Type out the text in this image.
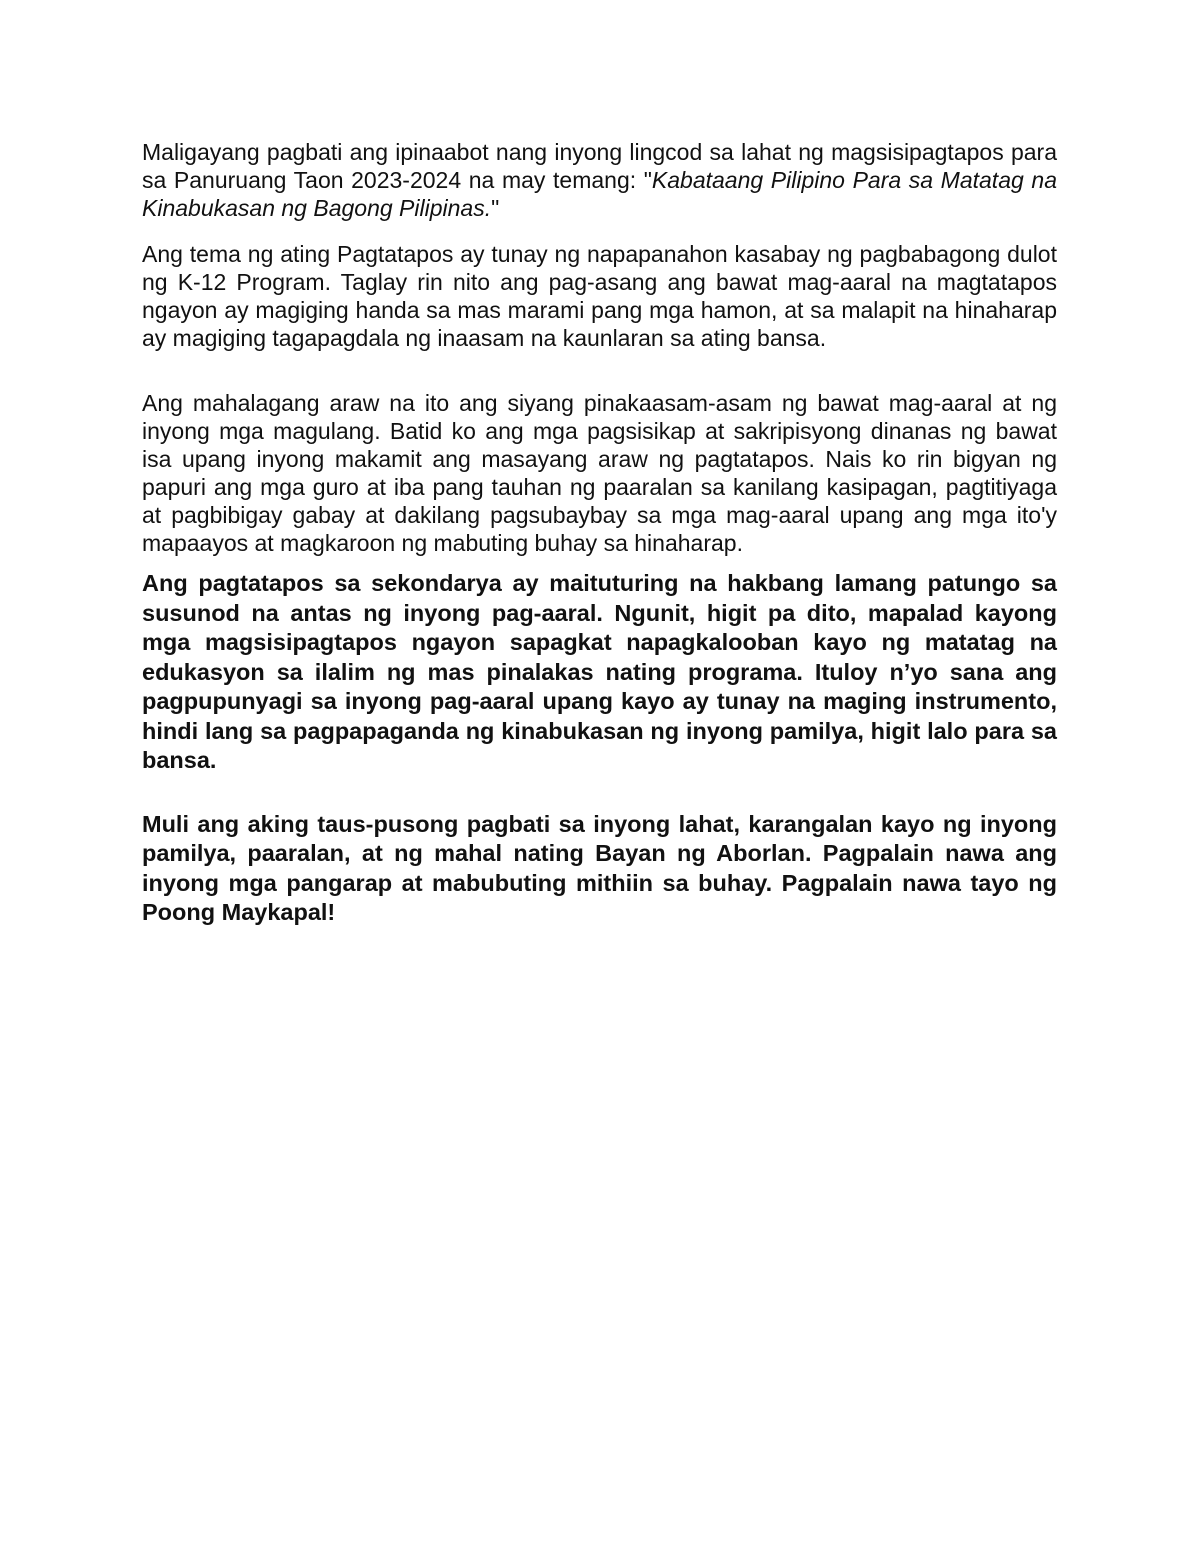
Maligayang pagbati ang ipinaabot nang inyong lingcod sa lahat ng magsisipagtapos para sa Panuruang Taon 2023-2024 na may temang: "Kabataang Pilipino Para sa Matatag na Kinabukasan ng Bagong Pilipinas."

Ang tema ng ating Pagtatapos ay tunay ng napapanahon kasabay ng pagbabagong dulot ng K-12 Program. Taglay rin nito ang pag-asang ang bawat mag-aaral na magtatapos ngayon ay magiging handa sa mas marami pang mga hamon, at sa malapit na hinaharap ay magiging tagapagdala ng inaasam na kaunlaran sa ating bansa.

Ang mahalagang araw na ito ang siyang pinakaasam-asam ng bawat mag-aaral at ng inyong mga magulang. Batid ko ang mga pagsisikap at sakripisyong dinanas ng bawat isa upang inyong makamit ang masayang araw ng pagtatapos. Nais ko rin bigyan ng papuri ang mga guro at iba pang tauhan ng paaralan sa kanilang kasipagan, pagtitiyaga at pagbibigay gabay at dakilang pagsubaybay sa mga mag-aaral upang ang mga ito'y mapaayos at magkaroon ng mabuting buhay sa hinaharap.

Ang pagtatapos sa sekondarya ay maituturing na hakbang lamang patungo sa susunod na antas ng inyong pag-aaral. Ngunit, higit pa dito, mapalad kayong mga magsisipagtapos ngayon sapagkat napagkalooban kayo ng matatag na edukasyon sa ilalim ng mas pinalakas nating programa. Ituloy n’yo sana ang pagpupunyagi sa inyong pag-aaral upang kayo ay tunay na maging instrumento, hindi lang sa pagpapaganda ng kinabukasan ng inyong pamilya, higit lalo para sa bansa.

Muli ang aking taus-pusong pagbati sa inyong lahat, karangalan kayo ng inyong pamilya, paaralan, at ng mahal nating Bayan ng Aborlan. Pagpalain nawa ang inyong mga pangarap at mabubuting mithiin sa buhay. Pagpalain nawa tayo ng Poong Maykapal!
